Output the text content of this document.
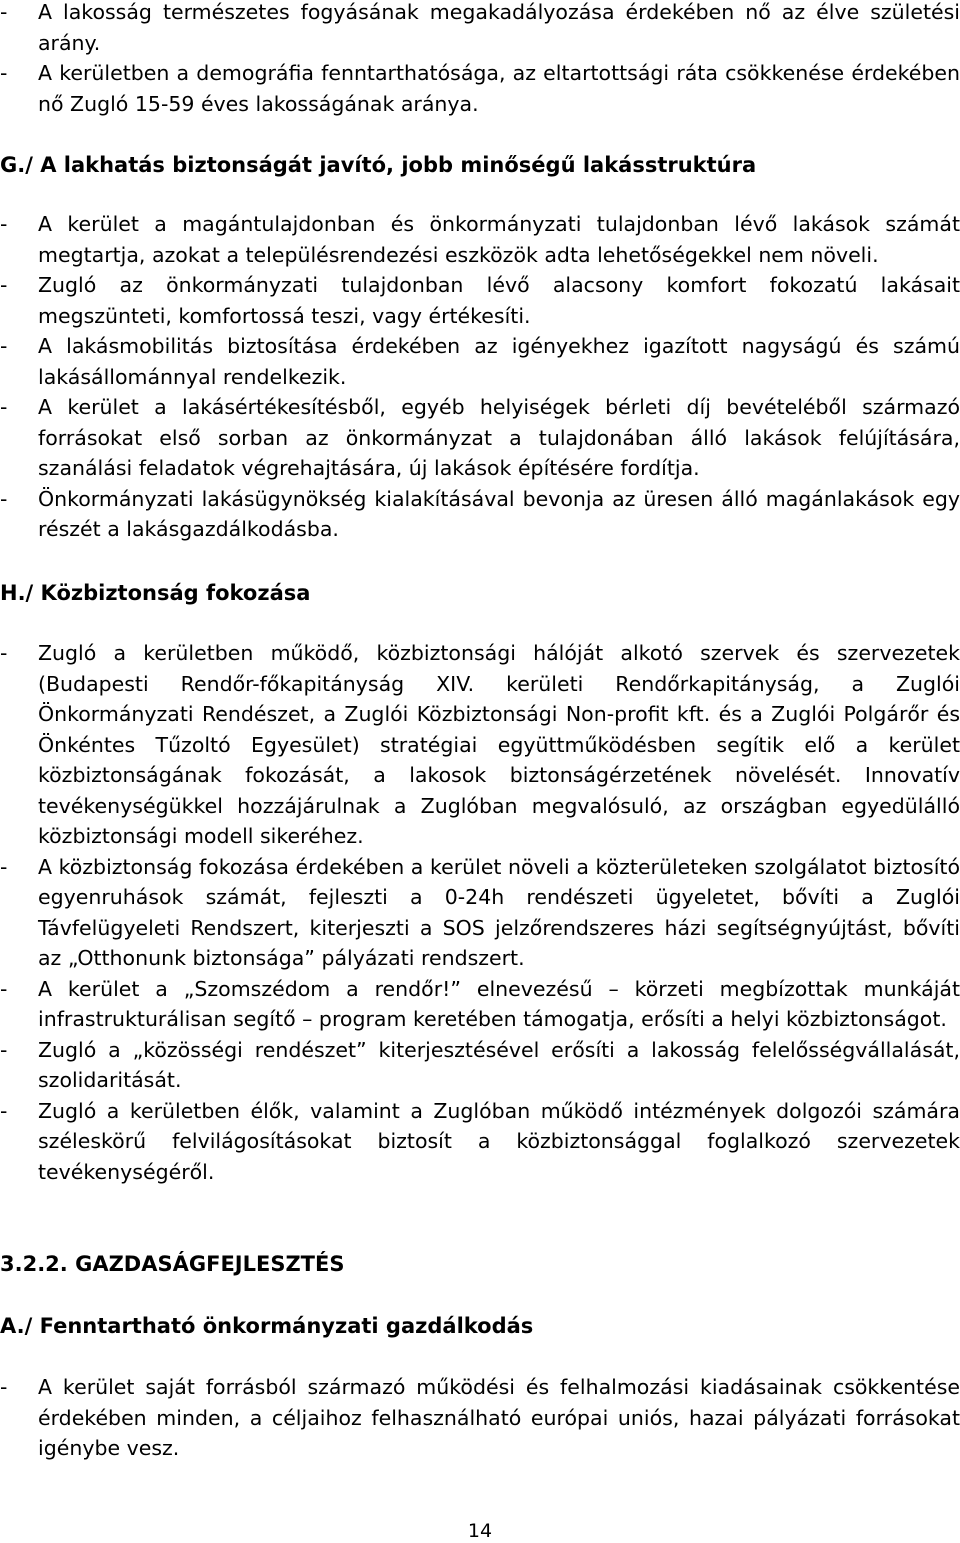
- A lakosság természetes fogyásának megakadályozása érdekében nő az élve születési arány.

- A kerületben a demográfia fenntarthatósága, az eltartottsági ráta csökkenése érdekében nő Zugló 15-59 éves lakosságának aránya.

G./ A lakhatás biztonságát javító, jobb minőségű lakásstruktúra

- A kerület a magántulajdonban és önkormányzati tulajdonban lévő lakások számát megtartja, azokat a településrendezési eszközök adta lehetőségekkel nem növeli.

- Zugló az önkormányzati tulajdonban lévő alacsony komfort fokozatú lakásait megszünteti, komfortossá teszi, vagy értékesíti.

- A lakásmobilitás biztosítása érdekében az igényekhez igazított nagyságú és számú lakásállománnyal rendelkezik.

- A kerület a lakásértékesítésből, egyéb helyiségek bérleti díj bevételéből származó forrásokat első sorban az önkormányzat a tulajdonában álló lakások felújítására, szanálási feladatok végrehajtására, új lakások építésére fordítja.

- Önkormányzati lakásügynökség kialakításával bevonja az üresen álló magánlakások egy részét a lakásgazdálkodásba.

H./ Közbiztonság fokozása

- Zugló a kerületben működő, közbiztonsági hálóját alkotó szervek és szervezetek (Budapesti Rendőr-főkapitányság XIV. kerületi Rendőrkapitányság, a Zuglói Önkormányzati Rendészet, a Zuglói Közbiztonsági Non-profit kft. és a Zuglói Polgárőr és Önkéntes Tűzoltó Egyesület) stratégiai együttműködésben segítik elő a kerület közbiztonságának fokozását, a lakosok biztonságérzetének növelését. Innovatív tevékenységükkel hozzájárulnak a Zuglóban megvalósuló, az országban egyedülálló közbiztonsági modell sikeréhez.

- A közbiztonság fokozása érdekében a kerület növeli a közterületeken szolgálatot biztosító egyenruhások számát, fejleszti a 0-24h rendészeti ügyeletet, bővíti a Zuglói Távfelügyeleti Rendszert, kiterjeszti a SOS jelzőrendszeres házi segítségnyújtást, bővíti az „Otthonunk biztonsága” pályázati rendszert.

- A kerület a „Szomszédom a rendőr!” elnevezésű – körzeti megbízottak munkáját infrastrukturálisan segítő – program keretében támogatja, erősíti a helyi közbiztonságot.

- Zugló a „közösségi rendészet” kiterjesztésével erősíti a lakosság felelősségvállalását, szolidaritását.

- Zugló a kerületben élők, valamint a Zuglóban működő intézmények dolgozói számára széleskörű felvilágosításokat biztosít a közbiztonsággal foglalkozó szervezetek tevékenységéről.

3.2.2. GAZDASÁGFEJLESZTÉS
A./ Fenntartható önkormányzati gazdálkodás

- A kerület saját forrásból származó működési és felhalmozási kiadásainak csökkentése érdekében minden, a céljaihoz felhasználható európai uniós, hazai pályázati forrásokat igénybe vesz.

14
